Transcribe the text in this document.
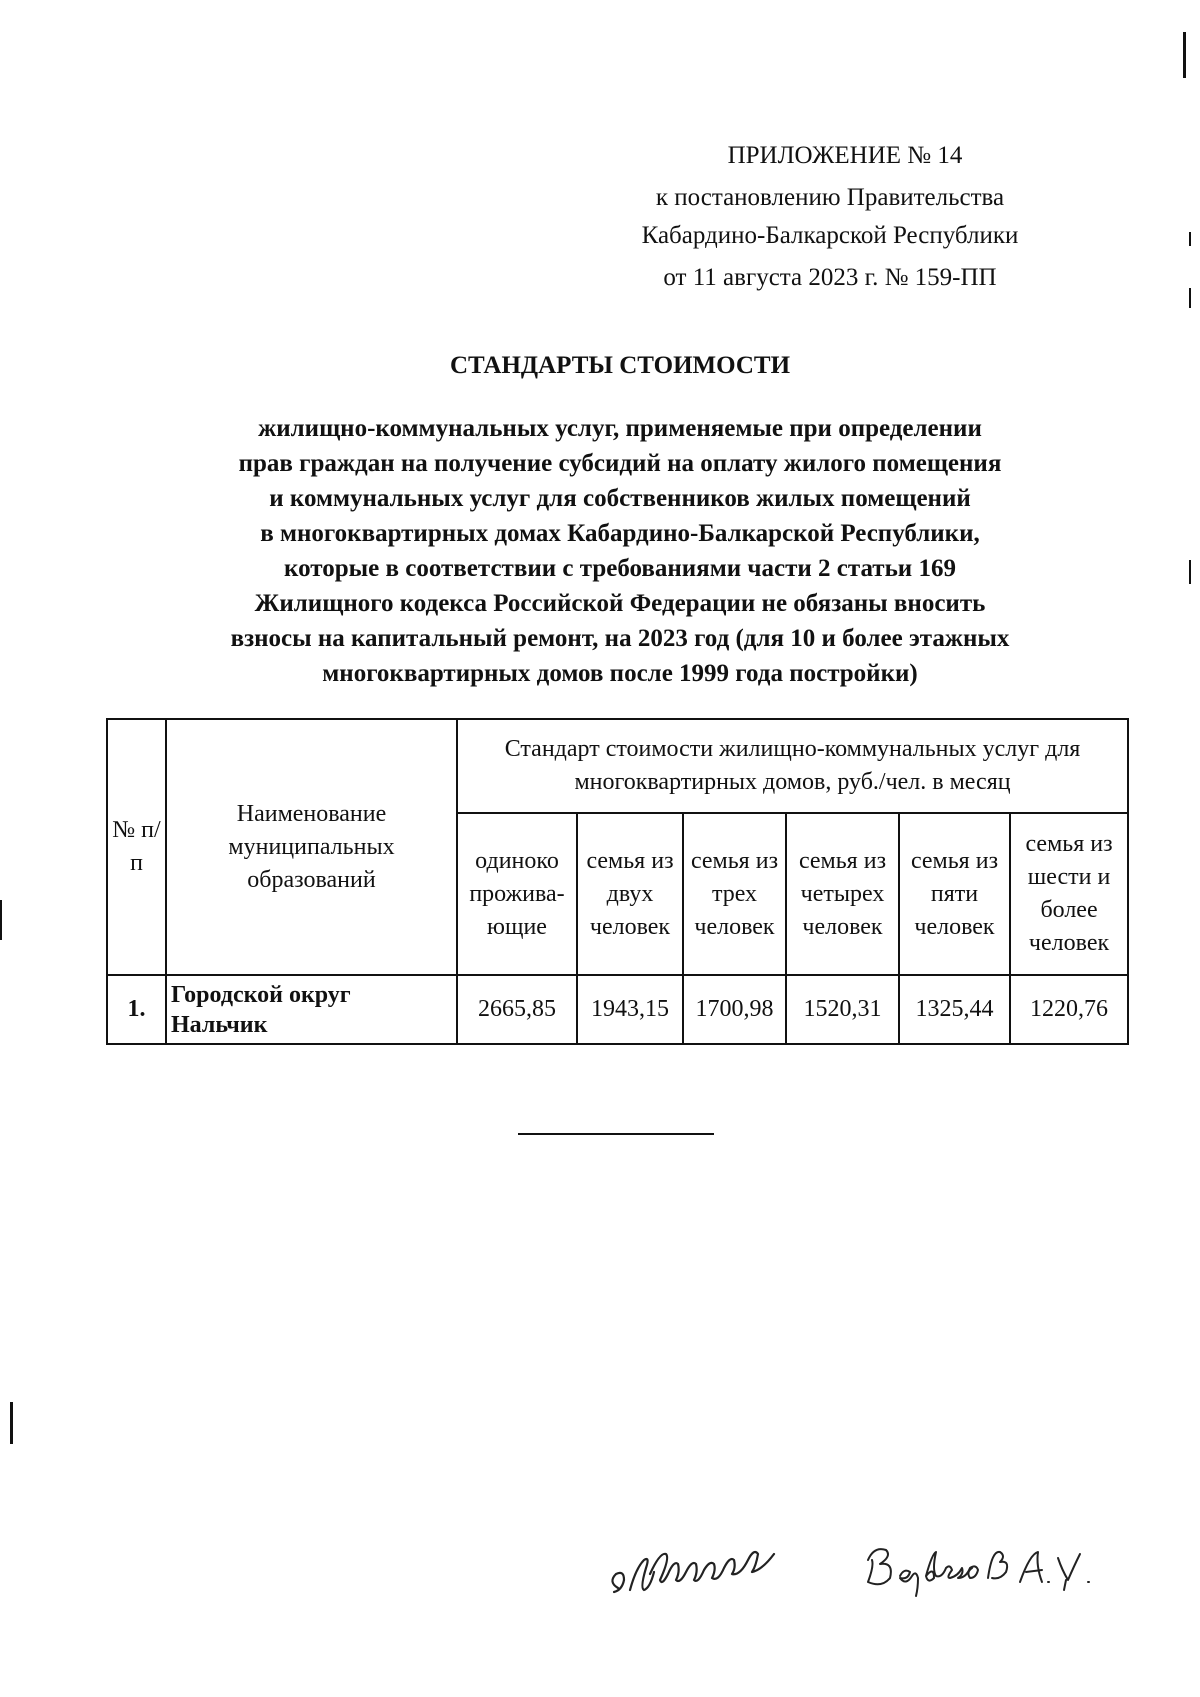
ПРИЛОЖЕНИЕ № 14
к постановлению Правительства
Кабардино-Балкарской Республики
от 11 августа 2023 г. № 159-ПП
СТАНДАРТЫ СТОИМОСТИ
жилищно-коммунальных услуг, применяемые при определении
прав граждан на получение субсидий на оплату жилого помещения
и коммунальных услуг для собственников жилых помещений
в многоквартирных домах Кабардино-Балкарской Республики,
которые в соответствии с требованиями части 2 статьи 169
Жилищного кодекса Российской Федерации не обязаны вносить
взносы на капитальный ремонт, на 2023 год (для 10 и более этажных
многоквартирных домов после 1999 года постройки)
№ п/п	Наименование муниципальных образований	Стандарт стоимости жилищно-коммунальных услуг для многоквартирных домов, руб./чел. в месяц					
		одиноко прожива-ющие	семья из двух человек	семья из трех человек	семья из четырех человек	семья из пяти человек	семья из шести и более человек
1.	Городской округ Нальчик	2665,85	1943,15	1700,98	1520,31	1325,44	1220,76
